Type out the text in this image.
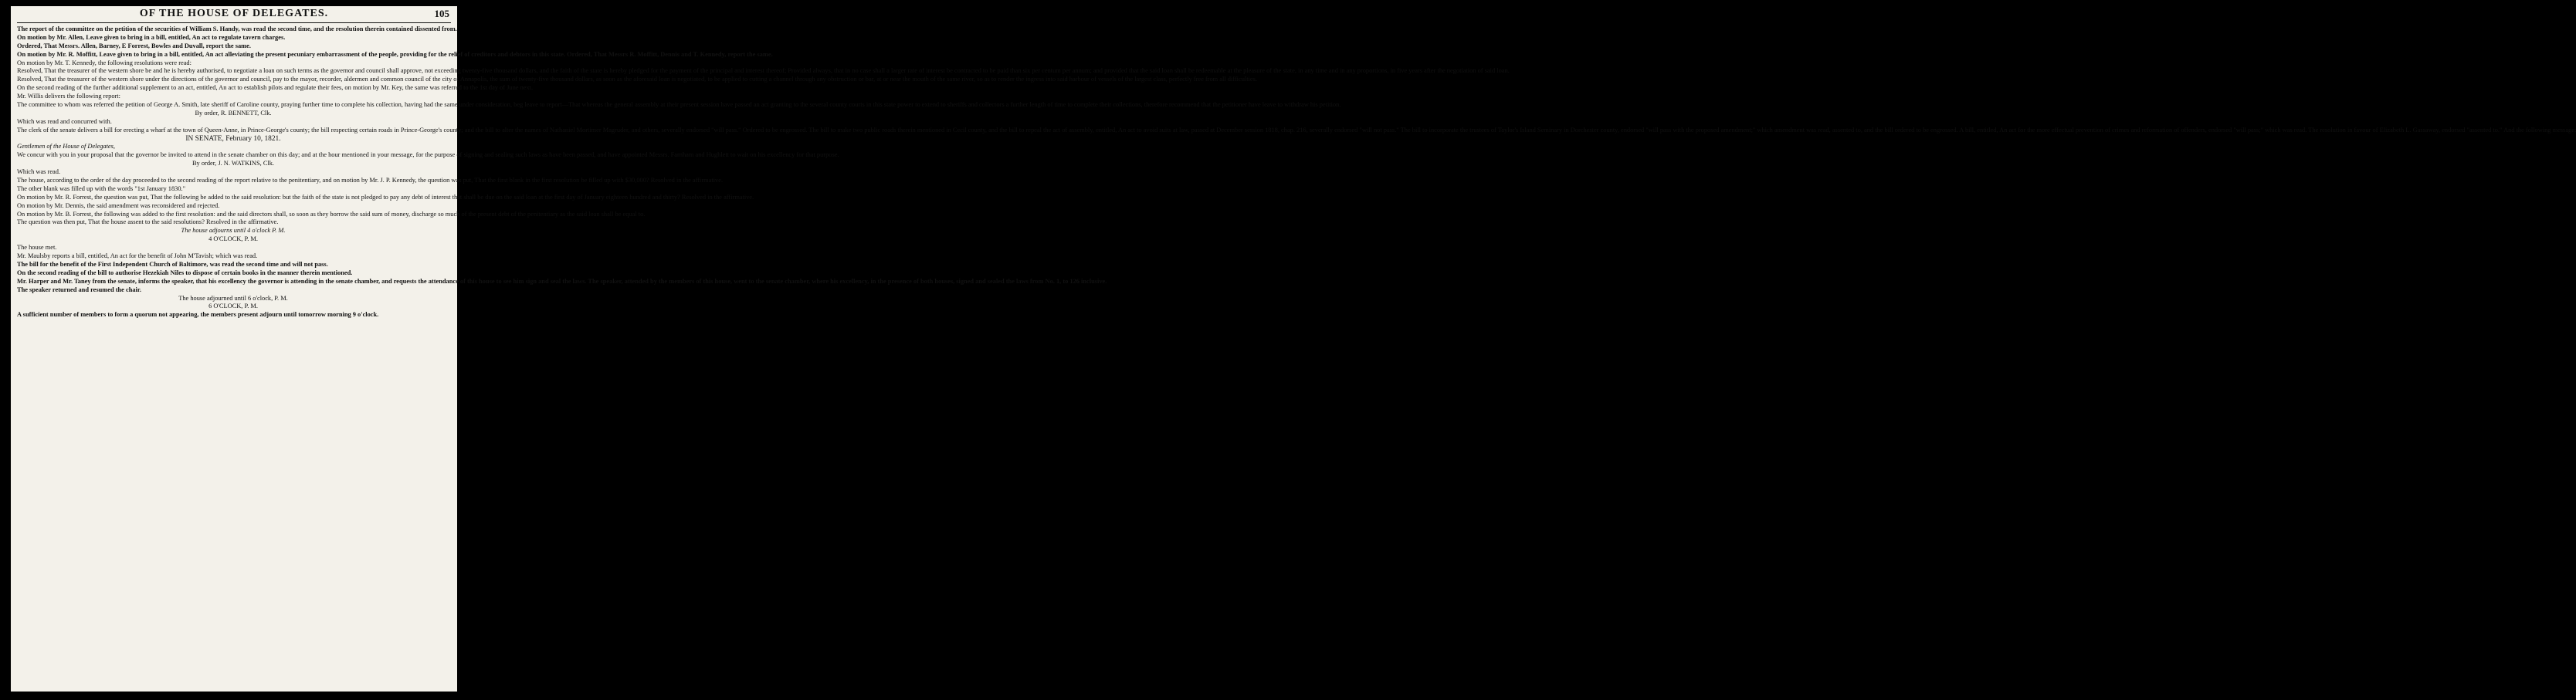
OF THE HOUSE OF DELEGATES.	105
The report of the committee on the petition of the securities of William S. Handy, was read the second time, and the resolution therein contained dissented from.
On motion by Mr. Allen, Leave given to bring in a bill, entitled, An act to regulate tavern charges.
Ordered, That Messrs. Allen, Barney, E Forrest, Bowles and Duvall, report the same.
On motion by Mr. R. Moffitt, Leave given to bring in a bill, entitled, An act alleviating the present pecuniary embarrassment of the people, providing for the relief of creditors and debtors in this state. Ordered, That Messrs R. Moffitt, Dennis and T. Kennedy, report the same.
On motion by Mr. T. Kennedy, the following resolutions were read:
Resolved, That the treasurer of the western shore be and he is hereby authorised, to negotiate a loan on such terms as the governor and council shall approve, not exceeding twenty-five thousand dollars, and the faith of the state is hereby pledged for the payment of the principal and interest thereof; Provided always, that in no case shall a larger rate of interest be contracted to be paid than six per centum per annum; and provided that the said loan shall be redeemable at the pleasure of the state, in any time and in any proportions, in five years after the negotiation of said loan.
Resolved, That the treasurer of the western shore under the directions of the governor and council, pay to the mayor, recorder, aldermen and common council of the city of Annapolis, the sum of twenty-five thousand dollars, as soon as the aforesaid loan is negotiated, to be applied to cutting a channel through any obstruction or bar, at or near the mouth of the same river, so as to render the ingress into said harbour of vessels of the largest class, perfectly free from all difficulties.
On the second reading of the further additional supplement to an act, entitled, An act to establish pilots and regulate their fees, on motion by Mr. Key, the same was referred to the 1st day of June next.
Mr. Willis delivers the following report:
The committee to whom was referred the petition of George A. Smith, late sheriff of Caroline county, praying further time to complete his collection, having had the same under consideration, beg leave to report—That whereas the general assembly at their present session have passed an act granting to the several county courts in this state power to extend to sheriffs and collectors a further length of time to complete their collections, therefore recommend that the petitioner have leave to withdraw his petition.
By order, R. BENNETT, Clk.
Which was read and concurred with.
The clerk of the senate delivers a bill for erecting a wharf at the town of Queen-Anne, in Prince-George's county; the bill respecting certain roads in Prince-George's county; and the bill to alter the names of Nathaniel Mortimer Magruder, and others, severally endorsed "will pass." Ordered to be engrossed. The bill to make two public roads therein mentioned in Cecil county, and the bill to repeal the act of assembly, entitled, An act to avoid suits at law, passed at December session 1818, chap. 216, severally endorsed "will not pass." The bill to incorporate the trustees of Taylor's Island Seminary in Dorchester county, endorsed "will pass with the proposed amendment;" which amendment was read, assented to, and the bill ordered to be engrossed. A bill, entitled, An act for the more effectual prevention of crimes and reformation of offenders, endorsed "will pass;" which was read. The resolution in favour of Elizabeth L. Gassaway, endorsed "assented to." And the following message:
IN SENATE, February 10, 1821.
Gentlemen of the House of Delegates,
We concur with you in your proposal that the governor be invited to attend in the senate chamber on this day; and at the hour mentioned in your message, for the purpose of signing and sealing such laws as have been passed, and have appointed Messrs. Farnham and Hughlett to wait on his excellency for that purpose.
By order, J. N. WATKINS, Clk.
Which was read.
The house, according to the order of the day proceeded to the second reading of the report relative to the penitentiary, and on motion by Mr. J. P. Kennedy, the question was put, That the first blank in the first resolution be filled up with $30,000? Resolved in the affirmative.
The other blank was filled up with the words "1st January 1830."
On motion by Mr. R. Forrest, the question was put, That the following be added to the said resolution: but the faith of the state is not pledged to pay any debt of interest that shall be due on the said loan at the first day of January eighteen hundred and thirty? Resolved in the affirmative.
On motion by Mr. Dennis, the said amendment was reconsidered and rejected.
On motion by Mr. B. Forrest, the following was added to the first resolution: and the said directors shall, so soon as they borrow the said sum of money, discharge so much of the present debt of the penitentiary as the said loan shall be equal to.
The question was then put, That the house assent to the said resolutions? Resolved in the affirmative.
The house adjourns until 4 o'clock P. M.
4 O'CLOCK, P. M.
The house met.
Mr. Maulsby reports a bill, entitled, An act for the benefit of John M'Tavish; which was read.
The bill for the benefit of the First Independent Church of Baltimore, was read the second time and will not pass.
On the second reading of the bill to authorise Hezekiah Niles to dispose of certain books in the manner therein mentioned.
Mr. Harper and Mr. Taney from the senate, informs the speaker, that his excellency the governor is attending in the senate chamber, and requests the attendance of this house to see him sign and seal the laws. The speaker, attended by the members of this house, went to the senate chamber, where his excellency, in the presence of both houses, signed and sealed the laws from No. 1, to 126 inclusive.
The speaker returned and resumed the chair.
The house adjourned until 6 o'clock, P. M.
6 O'CLOCK, P. M.
A sufficient number of members to form a quorum not appearing, the members present adjourn until tomorrow morning 9 o'clock.
